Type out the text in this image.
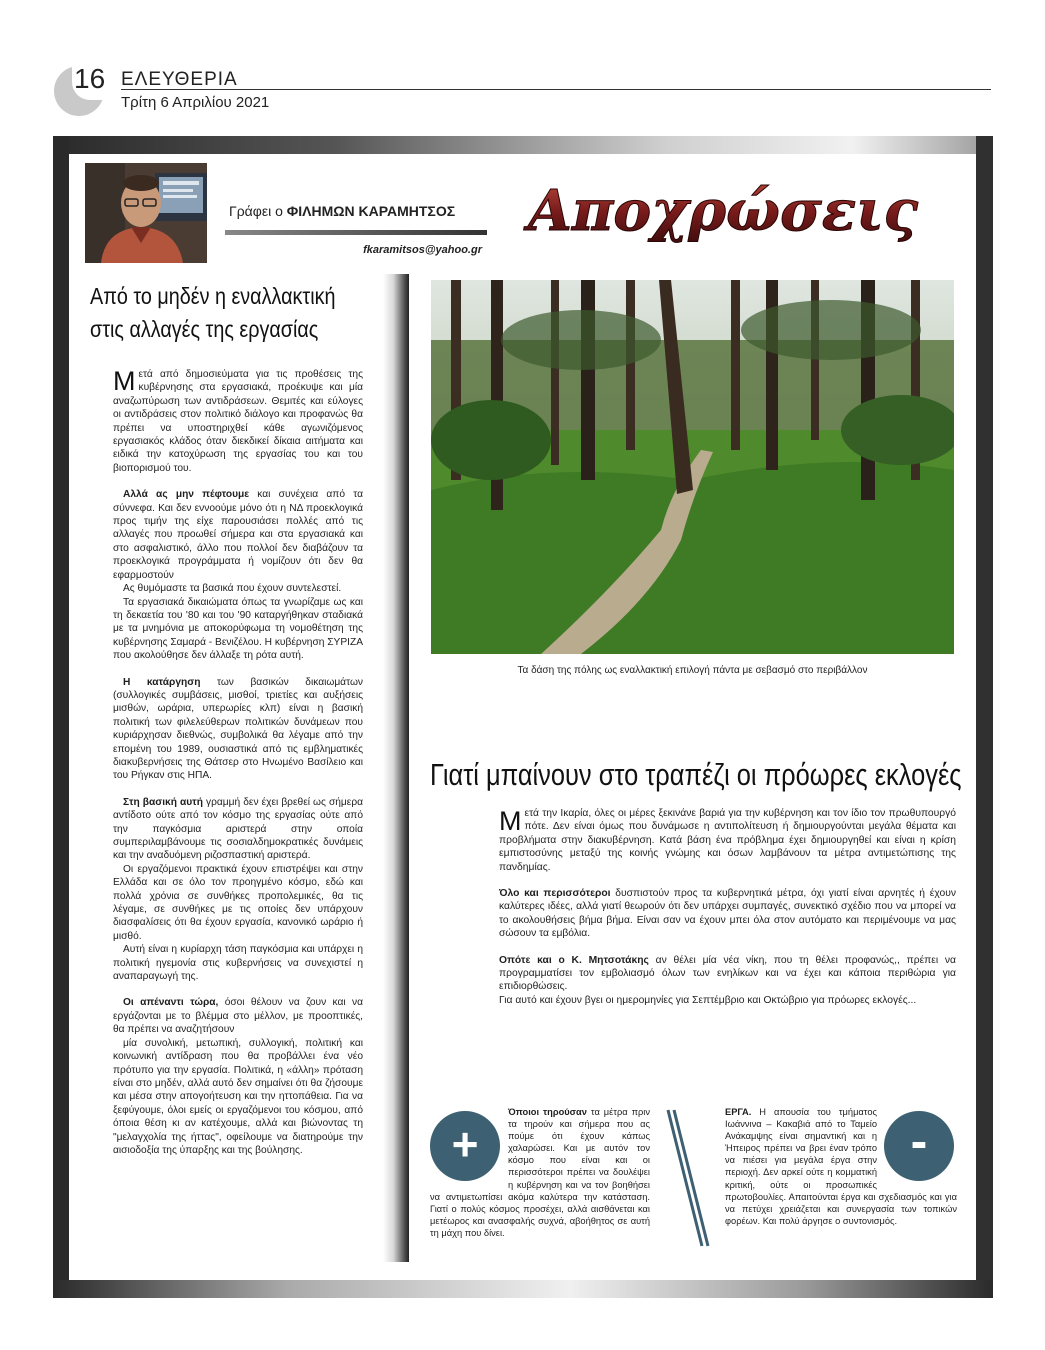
16 ΕΛΕΥΘΕΡΙΑ
Τρίτη 6 Απριλίου 2021
Γράφει ο ΦΙΛΗΜΩΝ ΚΑΡΑΜΗΤΣΟΣ
fkaramitsos@yahoo.gr
Αποχρώσεις
Από το μηδέν η εναλλακτική
στις αλλαγές της εργασίας

Μετά από δημοσιεύματα για τις προθέσεις της κυβέρνησης στα εργασιακά, προέκυψε και μία αναζωπύρωση των αντιδράσεων. Θεμιτές και εύλογες οι αντιδράσεις στον πολιτικό διάλογο και προφανώς θα πρέπει να υποστηριχθεί κάθε αγωνιζόμενος εργασιακός κλάδος όταν διεκδικεί δίκαια αιτήματα και ειδικά την κατοχύρωση της εργασίας του και του βιοπορισμού του.

Αλλά ας μην πέφτουμε και συνέχεια από τα σύννεφα. Και δεν εννοούμε μόνο ότι η ΝΔ προεκλογικά προς τιμήν της είχε παρουσιάσει πολλές από τις αλλαγές που προωθεί σήμερα και στα εργασιακά και στο ασφαλιστικό, άλλο που πολλοί δεν διαβάζουν τα προεκλογικά προγράμματα ή νομίζουν ότι δεν θα εφαρμοστούν

Ας θυμόμαστε τα βασικά που έχουν συντελεστεί.

Τα εργασιακά δικαιώματα όπως τα γνωρίζαμε ως και τη δεκαετία του '80 και του '90 καταργήθηκαν σταδιακά με τα μνημόνια με αποκορύφωμα τη νομοθέτηση της κυβέρνησης Σαμαρά - Βενιζέλου. Η κυβέρνηση ΣΥΡΙΖΑ που ακολούθησε δεν άλλαξε τη ρότα αυτή.

Η κατάργηση των βασικών δικαιωμάτων (συλλογικές συμβάσεις, μισθοί, τριετίες και αυξήσεις μισθών, ωράρια, υπερωρίες κλπ) είναι η βασική πολιτική των φιλελεύθερων πολιτικών δυνάμεων που κυριάρχησαν διεθνώς, συμβολικά θα λέγαμε από την επομένη του 1989, ουσιαστικά από τις εμβληματικές διακυβερνήσεις της Θάτσερ στο Ηνωμένο Βασίλειο και του Ρήγκαν στις ΗΠΑ.

Στη βασική αυτή γραμμή δεν έχει βρεθεί ως σήμερα αντίδοτο ούτε από τον κόσμο της εργασίας ούτε από την παγκόσμια αριστερά στην οποία συμπεριλαμβάνουμε τις σοσιαλδημοκρατικές δυνάμεις και την αναδυόμενη ριζοσπαστική αριστερά.

Οι εργαζόμενοι πρακτικά έχουν επιστρέψει και στην Ελλάδα και σε όλο τον προηγμένο κόσμο, εδώ και πολλά χρόνια σε συνθήκες προπολεμικές, θα τις λέγαμε, σε συνθήκες με τις οποίες δεν υπάρχουν διασφαλίσεις ότι θα έχουν εργασία, κανονικό ωράριο ή μισθό.

Αυτή είναι η κυρίαρχη τάση παγκόσμια και υπάρχει η πολιτική ηγεμονία στις κυβερνήσεις να συνεχιστεί η αναπαραγωγή της.

Οι απέναντι τώρα, όσοι θέλουν να ζουν και να εργάζονται με το βλέμμα στο μέλλον, με προοπτικές, θα πρέπει να αναζητήσουν

μία συνολική, μετωπική, συλλογική, πολιτική και κοινωνική αντίδραση που θα προβάλλει ένα νέο πρότυπο για την εργασία. Πολιτικά, η «άλλη» πρόταση είναι στο μηδέν, αλλά αυτό δεν σημαίνει ότι θα ζήσουμε και μέσα στην απογοήτευση και την ηττοπάθεια. Για να ξεφύγουμε, όλοι εμείς οι εργαζόμενοι του κόσμου, από όποια θέση κι αν κατέχουμε, αλλά και βιώνοντας τη "μελαγχολία της ήττας", οφείλουμε να διατηρούμε την αισιοδοξία της ύπαρξης και της βούλησης.

Τα δάση της πόλης ως εναλλακτική επιλογή πάντα με σεβασμό στο περιβάλλον
Γιατί μπαίνουν στο τραπέζι οι πρόωρες εκλογές

Μετά την Ικαρία, όλες οι μέρες ξεκινάνε βαριά για την κυβέρνηση και τον ίδιο τον πρωθυπουργό πότε. Δεν είναι όμως που δυνάμωσε η αντιπολίτευση ή δημιουργούνται μεγάλα θέματα και προβλήματα στην διακυβέρνηση. Κατά βάση ένα πρόβλημα έχει δημιουργηθεί και είναι η κρίση εμπιστοσύνης μεταξύ της κοινής γνώμης και όσων λαμβάνουν τα μέτρα αντιμετώπισης της πανδημίας.

Όλο και περισσότεροι δυσπιστούν προς τα κυβερνητικά μέτρα, όχι γιατί είναι αρνητές ή έχουν καλύτερες ιδέες, αλλά γιατί θεωρούν ότι δεν υπάρχει συμπαγές, συνεκτικό σχέδιο που να μπορεί να το ακολουθήσεις βήμα βήμα. Είναι σαν να έχουν μπει όλα στον αυτόματο και περιμένουμε να μας σώσουν τα εμβόλια.

Οπότε και ο Κ. Μητσοτάκης αν θέλει μία νέα νίκη, που τη θέλει προφανώς,, πρέπει να προγραμματίσει τον εμβολιασμό όλων των ενηλίκων και να έχει και κάποια περιθώρια για επιδιορθώσεις.

Για αυτό και έχουν βγει οι ημερομηνίες για Σεπτέμβριο και Οκτώβριο για πρόωρες εκλογές...

Όποιοι τηρούσαν τα μέτρα πριν τα τηρούν και σήμερα που ας πούμε ότι έχουν κάπως χαλαρώσει. Και με αυτόν τον κόσμο που είναι και οι περισσότεροι πρέπει να δουλέψει η κυβέρνηση και να τον βοηθήσει να αντιμετωπίσει ακόμα καλύτερα την κατάσταση. Γιατί ο πολύς κόσμος προσέχει, αλλά αισθάνεται και μετέωρος και ανασφαλής συχνά, αβοήθητος σε αυτή τη μάχη που δίνει.
+
ΕΡΓΑ. Η απουσία του τμήματος Ιωάννινα – Κακαβιά από το Ταμείο Ανάκαμψης είναι σημαντική και η Ήπειρος πρέπει να βρει έναν τρόπο να πιέσει για μεγάλα έργα στην περιοχή. Δεν αρκεί ούτε η κομματική κριτική, ούτε οι προσωπικές πρωτοβουλίες. Απαιτούνται έργα και σχεδιασμός και για να πετύχει χρειάζεται και συνεργασία των τοπικών φορέων. Και πολύ άργησε ο συντονισμός.
-
